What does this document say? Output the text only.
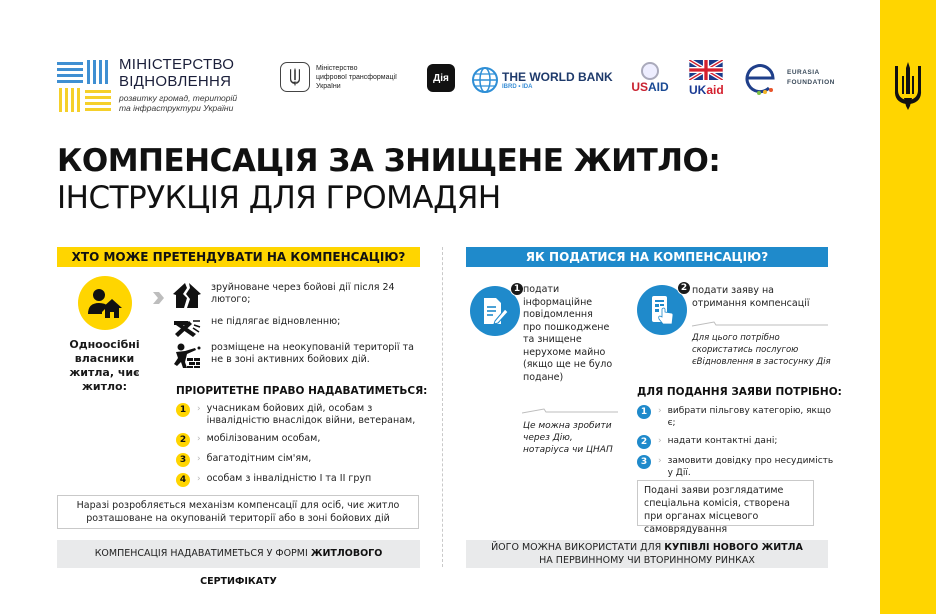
МІНІСТЕРСТВО
ВІДНОВЛЕННЯ
розвитку громад, територій
та інфраструктури України
Міністерство
цифрової трансформації
України
Дія	THE WORLD BANK
IBRD • IDA	USAID	UKaid
EURASIA
FOUNDATION
КОМПЕНСАЦІЯ ЗА ЗНИЩЕНЕ ЖИТЛО:
ІНСТРУКЦІЯ ДЛЯ ГРОМАДЯН
ХТО МОЖЕ ПРЕТЕНДУВАТИ НА КОМПЕНСАЦІЮ?	ЯК ПОДАТИСЯ НА КОМПЕНСАЦІЮ?
Одноосібні власники житла, чиє житло:
зруйноване через бойові дії після 24 лютого;
не підлягає відновленню;
розміщене на неокупованій території та не в зоні активних бойових дій.
ПРІОРИТЕТНЕ ПРАВО НАДАВАТИМЕТЬСЯ:
1	› учасникам бойових дій, особам з інвалідністю внаслідок війни, ветеранам,
2	› мобілізованим особам,
3	› багатодітним сім'ям,
4	› особам з інвалідністю І та ІІ груп
Наразі розробляється механізм компенсації для осіб, чиє житло розташоване на окупованій території або в зоні бойових дій
КОМПЕНСАЦІЯ НАДАВАТИМЕТЬСЯ У ФОРМІ ЖИТЛОВОГО СЕРТИФІКАТУ
1 подати інформаційне повідомлення про пошкоджене та знищене нерухоме майно (якщо ще не було подане)
Це можна зробити через Дію, нотаріуса чи ЦНАП
2 подати заяву на отримання компенсації
Для цього потрібно скористатись послугою єВідновлення в застосунку Дія
ДЛЯ ПОДАННЯ ЗАЯВИ ПОТРІБНО:
1	› вибрати пільгову категорію, якщо є;
2	› надати контактні дані;
3	› замовити довідку про несудимість у Дії.
Подані заяви розглядатиме спеціальна комісія, створена при органах місцевого самоврядування
ЙОГО МОЖНА ВИКОРИСТАТИ ДЛЯ КУПІВЛІ НОВОГО ЖИТЛА
НА ПЕРВИННОМУ ЧИ ВТОРИННОМУ РИНКАХ
